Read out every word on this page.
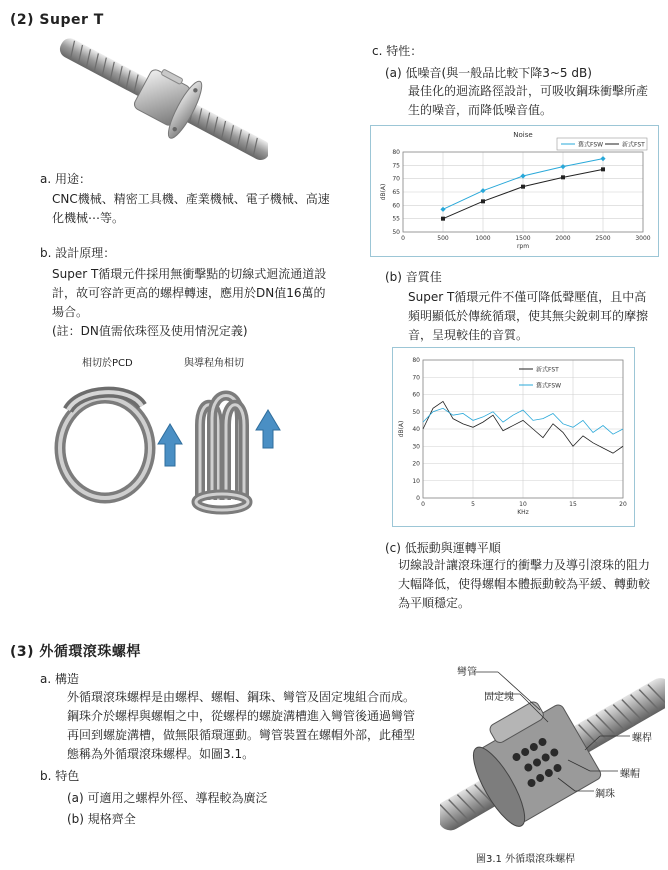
(2) Super T
a. 用途：
CNC機械、精密工具機、產業機械、電子機械、高速化機械⋯等。
b. 設計原理：
Super T循環元件採用無衝擊點的切線式迴流通道設計，故可容許更高的螺桿轉速，應用於DN值16萬的場合。
(註：DN值需依珠徑及使用情況定義)
相切於PCD	與導程角相切
c. 特性：
(a) 低噪音(與一般品比較下降3~5 dB)
最佳化的迴流路徑設計，可吸收鋼珠衝擊所產生的噪音，而降低噪音值。
50
55
60
65
70
75
80
0	500	1000	1500	2000	2500	3000
rpm
dB(A)
Noise
舊式FSW	新式FST
(b) 音質佳
Super T循環元件不僅可降低聲壓值，且中高頻明顯低於傳統循環，使其無尖銳刺耳的摩擦音，呈現較佳的音質。
0
10
20
30
40
50
60
70
80
0	5	10	15	20
KHz
dB(A)
新式FST
舊式FSW
(c) 低振動與運轉平順
切線設計讓滾珠運行的衝擊力及導引滾珠的阻力大幅降低，使得螺帽本體振動較為平緩、轉動較為平順穩定。
(3) 外循環滾珠螺桿
a. 構造
外循環滾珠螺桿是由螺桿、螺帽、鋼珠、彎管及固定塊組合而成。鋼珠介於螺桿與螺帽之中，從螺桿的螺旋溝槽進入彎管後通過彎管再回到螺旋溝槽，做無限循環運動。彎管裝置在螺帽外部，此種型態稱為外循環滾珠螺桿。如圖3.1。
b. 特色
(a) 可適用之螺桿外徑、導程較為廣泛
(b) 規格齊全
彎管
固定塊
螺桿
螺帽
鋼珠
圖3.1 外循環滾珠螺桿
